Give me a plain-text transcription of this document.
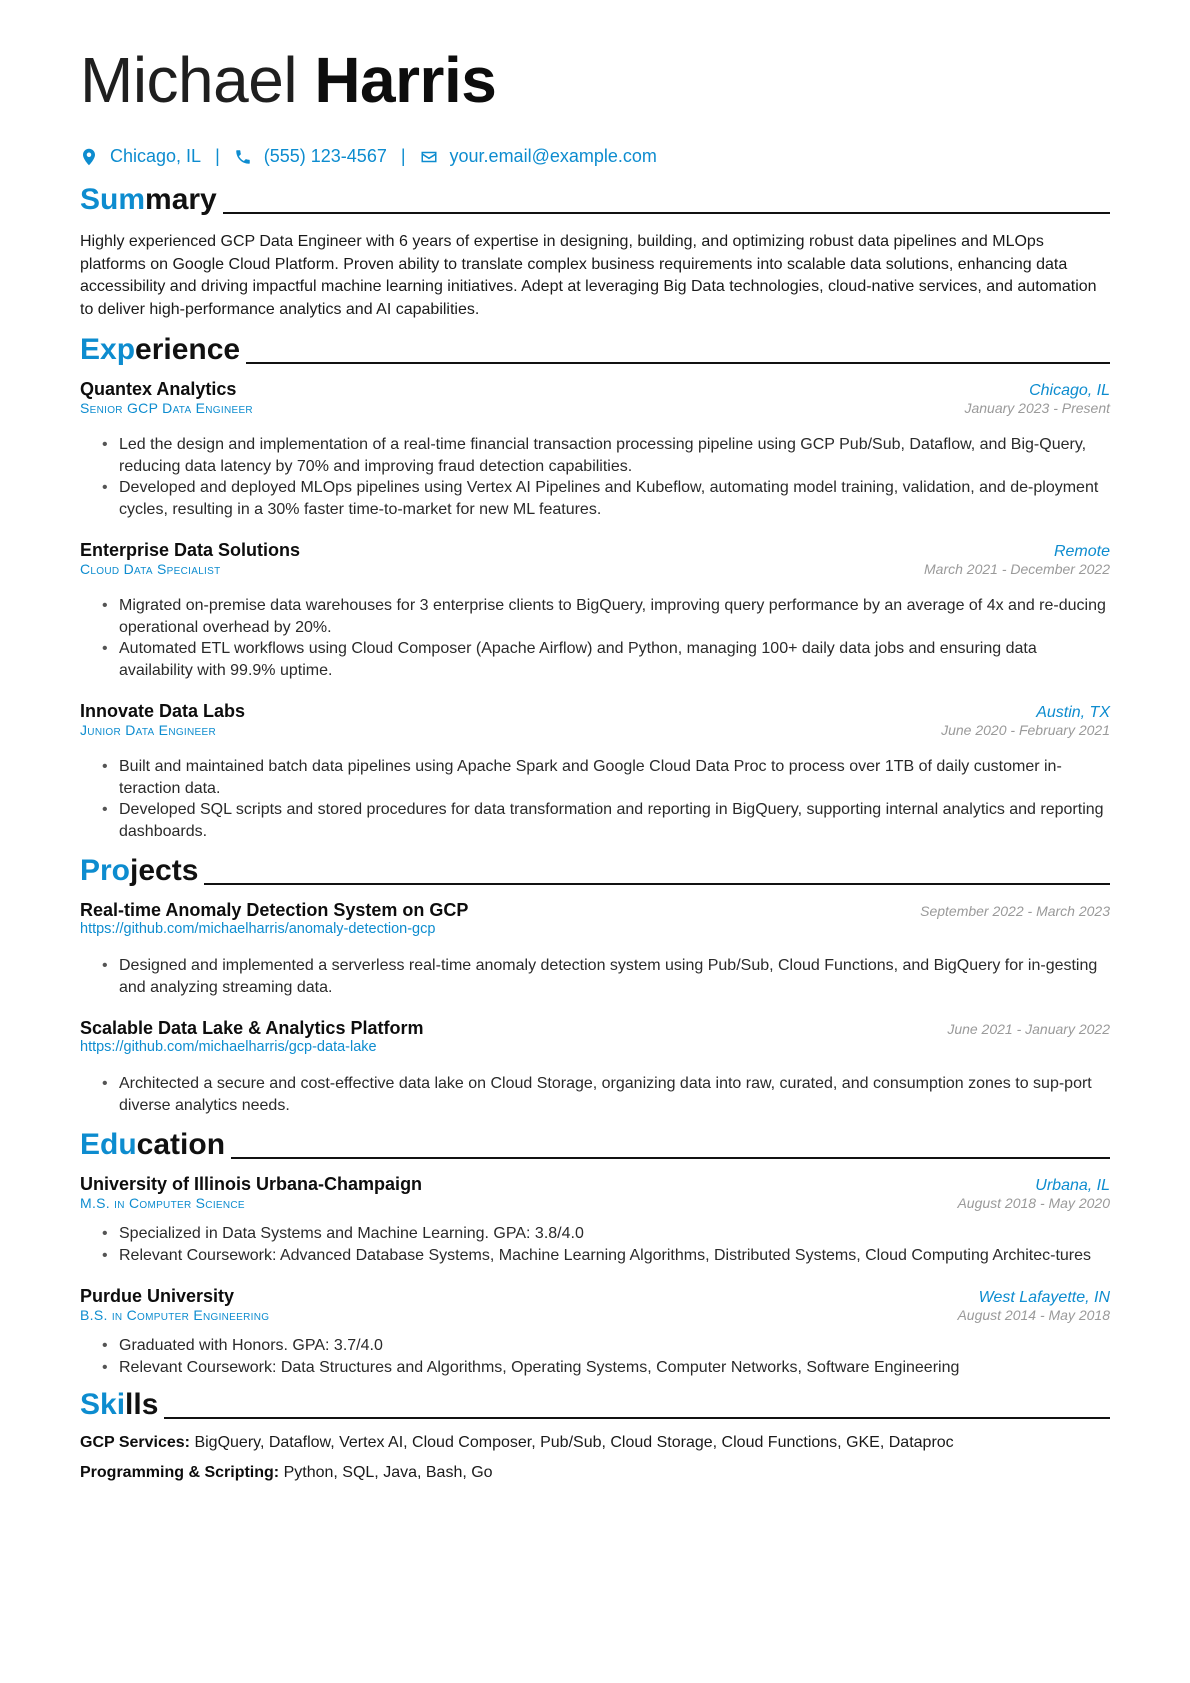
Michael Harris
Chicago, IL | (555) 123-4567 | your.email@example.com
Summary
Highly experienced GCP Data Engineer with 6 years of expertise in designing, building, and optimizing robust data pipelines and MLOps platforms on Google Cloud Platform. Proven ability to translate complex business requirements into scalable data solutions, enhancing data accessibility and driving impactful machine learning initiatives. Adept at leveraging Big Data technologies, cloud-native services, and automation to deliver high-performance analytics and AI capabilities.
Experience
Quantex Analytics	Chicago, IL
Senior GCP Data Engineer	January 2023 - Present
• Led the design and implementation of a real-time financial transaction processing pipeline using GCP Pub/Sub, Dataflow, and Big-Query, reducing data latency by 70% and improving fraud detection capabilities.
• Developed and deployed MLOps pipelines using Vertex AI Pipelines and Kubeflow, automating model training, validation, and de-ployment cycles, resulting in a 30% faster time-to-market for new ML features.
Enterprise Data Solutions	Remote
Cloud Data Specialist	March 2021 - December 2022
• Migrated on-premise data warehouses for 3 enterprise clients to BigQuery, improving query performance by an average of 4x and re-ducing operational overhead by 20%.
• Automated ETL workflows using Cloud Composer (Apache Airflow) and Python, managing 100+ daily data jobs and ensuring data availability with 99.9% uptime.
Innovate Data Labs	Austin, TX
Junior Data Engineer	June 2020 - February 2021
• Built and maintained batch data pipelines using Apache Spark and Google Cloud Data Proc to process over 1TB of daily customer in-teraction data.
• Developed SQL scripts and stored procedures for data transformation and reporting in BigQuery, supporting internal analytics and reporting dashboards.
Projects
Real-time Anomaly Detection System on GCP	September 2022 - March 2023
https://github.com/michaelharris/anomaly-detection-gcp
• Designed and implemented a serverless real-time anomaly detection system using Pub/Sub, Cloud Functions, and BigQuery for in-gesting and analyzing streaming data.
Scalable Data Lake & Analytics Platform	June 2021 - January 2022
https://github.com/michaelharris/gcp-data-lake
• Architected a secure and cost-effective data lake on Cloud Storage, organizing data into raw, curated, and consumption zones to sup-port diverse analytics needs.
Education
University of Illinois Urbana-Champaign	Urbana, IL
M.S. in Computer Science	August 2018 - May 2020
• Specialized in Data Systems and Machine Learning. GPA: 3.8/4.0
• Relevant Coursework: Advanced Database Systems, Machine Learning Algorithms, Distributed Systems, Cloud Computing Architec-tures
Purdue University	West Lafayette, IN
B.S. in Computer Engineering	August 2014 - May 2018
• Graduated with Honors. GPA: 3.7/4.0
• Relevant Coursework: Data Structures and Algorithms, Operating Systems, Computer Networks, Software Engineering
Skills
GCP Services: BigQuery, Dataflow, Vertex AI, Cloud Composer, Pub/Sub, Cloud Storage, Cloud Functions, GKE, Dataproc
Programming & Scripting: Python, SQL, Java, Bash, Go
